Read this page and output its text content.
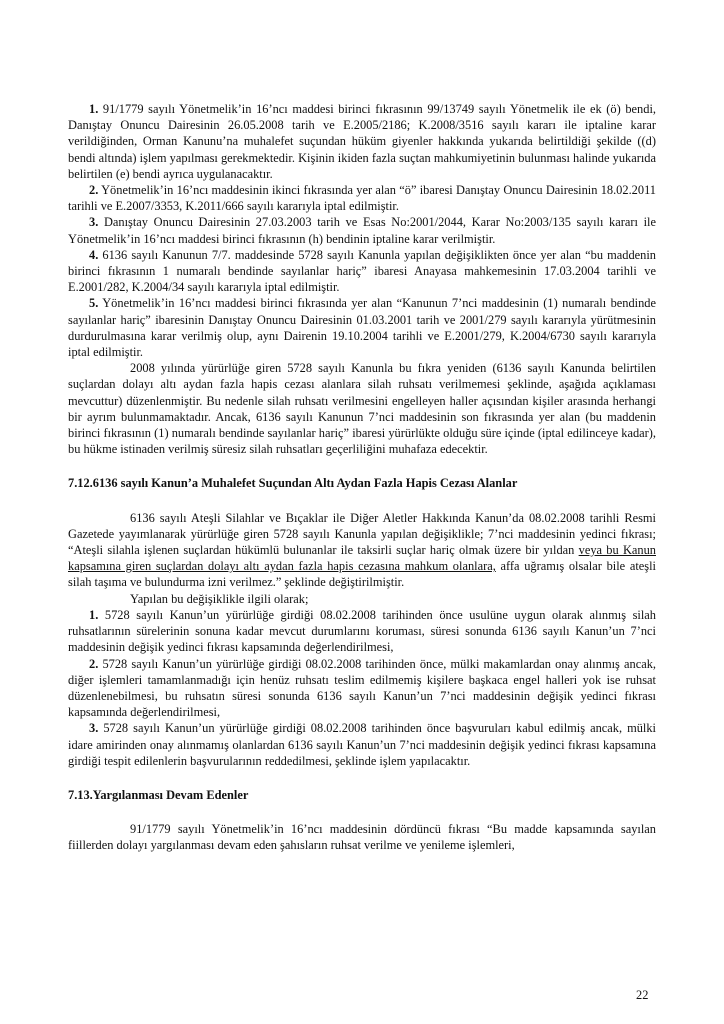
1. 91/1779 sayılı Yönetmelik’in 16’ncı maddesi birinci fıkrasının 99/13749 sayılı Yönetmelik ile ek (ö) bendi, Danıştay Onuncu Dairesinin 26.05.2008 tarih ve E.2005/2186; K.2008/3516 sayılı kararı ile iptaline karar verildiğinden, Orman Kanunu’na muhalefet suçundan hüküm giyenler hakkında yukarıda belirtildiği şekilde ((d) bendi altında) işlem yapılması gerekmektedir. Kişinin ikiden fazla suçtan mahkumiyetinin bulunması halinde yukarıda belirtilen (e) bendi ayrıca uygulanacaktır.

2. Yönetmelik’in 16’ncı maddesinin ikinci fıkrasında yer alan “ö” ibaresi Danıştay Onuncu Dairesinin 18.02.2011 tarihli ve E.2007/3353, K.2011/666 sayılı kararıyla iptal edilmiştir.

3. Danıştay Onuncu Dairesinin 27.03.2003 tarih ve Esas No:2001/2044, Karar No:2003/135 sayılı kararı ile Yönetmelik’in 16’ncı maddesi birinci fıkrasının (h) bendinin iptaline karar verilmiştir.

4. 6136 sayılı Kanunun 7/7. maddesinde 5728 sayılı Kanunla yapılan değişiklikten önce yer alan “bu maddenin birinci fıkrasının 1 numaralı bendinde sayılanlar hariç” ibaresi Anayasa mahkemesinin 17.03.2004 tarihli ve E.2001/282, K.2004/34 sayılı kararıyla iptal edilmiştir.

5. Yönetmelik’in 16’ncı maddesi birinci fıkrasında yer alan “Kanunun 7’nci maddesinin (1) numaralı bendinde sayılanlar hariç” ibaresinin Danıştay Onuncu Dairesinin 01.03.2001 tarih ve 2001/279 sayılı kararıyla yürütmesinin durdurulmasına karar verilmiş olup, aynı Dairenin 19.10.2004 tarihli ve E.2001/279, K.2004/6730 sayılı kararıyla iptal edilmiştir.

2008 yılında yürürlüğe giren 5728 sayılı Kanunla bu fıkra yeniden (6136 sayılı Kanunda belirtilen suçlardan dolayı altı aydan fazla hapis cezası alanlara silah ruhsatı verilmemesi şeklinde, aşağıda açıklaması mevcuttur) düzenlenmiştir. Bu nedenle silah ruhsatı verilmesini engelleyen haller açısından kişiler arasında herhangi bir ayrım bulunmamaktadır. Ancak, 6136 sayılı Kanunun 7’nci maddesinin son fıkrasında yer alan (bu maddenin birinci fıkrasının (1) numaralı bendinde sayılanlar hariç” ibaresi yürürlükte olduğu süre içinde (iptal edilinceye kadar), bu hükme istinaden verilmiş süresiz silah ruhsatları geçerliliğini muhafaza edecektir.

7.12.6136 sayılı Kanun’a Muhalefet Suçundan Altı Aydan Fazla Hapis Cezası Alanlar

6136 sayılı Ateşli Silahlar ve Bıçaklar ile Diğer Aletler Hakkında Kanun’da 08.02.2008 tarihli Resmi Gazetede yayımlanarak yürürlüğe giren 5728 sayılı Kanunla yapılan değişiklikle; 7’nci maddesinin yedinci fıkrası; “Ateşli silahla işlenen suçlardan hükümlü bulunanlar ile taksirli suçlar hariç olmak üzere bir yıldan veya bu Kanun kapsamına giren suçlardan dolayı altı aydan fazla hapis cezasına mahkum olanlara, affa uğramış olsalar bile ateşli silah taşıma ve bulundurma izni verilmez.” şeklinde değiştirilmiştir.

Yapılan bu değişiklikle ilgili olarak;

1. 5728 sayılı Kanun’un yürürlüğe girdiği 08.02.2008 tarihinden önce usulüne uygun olarak alınmış silah ruhsatlarının sürelerinin sonuna kadar mevcut durumlarını koruması, süresi sonunda 6136 sayılı Kanun’un 7’nci maddesinin değişik yedinci fıkrası kapsamında değerlendirilmesi,

2. 5728 sayılı Kanun’un yürürlüğe girdiği 08.02.2008 tarihinden önce, mülki makamlardan onay alınmış ancak, diğer işlemleri tamamlanmadığı için henüz ruhsatı teslim edilmemiş kişilere başkaca engel halleri yok ise ruhsat düzenlenebilmesi, bu ruhsatın süresi sonunda 6136 sayılı Kanun’un 7’nci maddesinin değişik yedinci fıkrası kapsamında değerlendirilmesi,

3. 5728 sayılı Kanun’un yürürlüğe girdiği 08.02.2008 tarihinden önce başvuruları kabul edilmiş ancak, mülki idare amirinden onay alınmamış olanlardan 6136 sayılı Kanun’un 7’nci maddesinin değişik yedinci fıkrası kapsamına girdiği tespit edilenlerin başvurularının reddedilmesi, şeklinde işlem yapılacaktır.

7.13.Yargılanması Devam Edenler

91/1779 sayılı Yönetmelik’in 16’ncı maddesinin dördüncü fıkrası “Bu madde kapsamında sayılan fiillerden dolayı yargılanması devam eden şahısların ruhsat verilme ve yenileme işlemleri,

22
